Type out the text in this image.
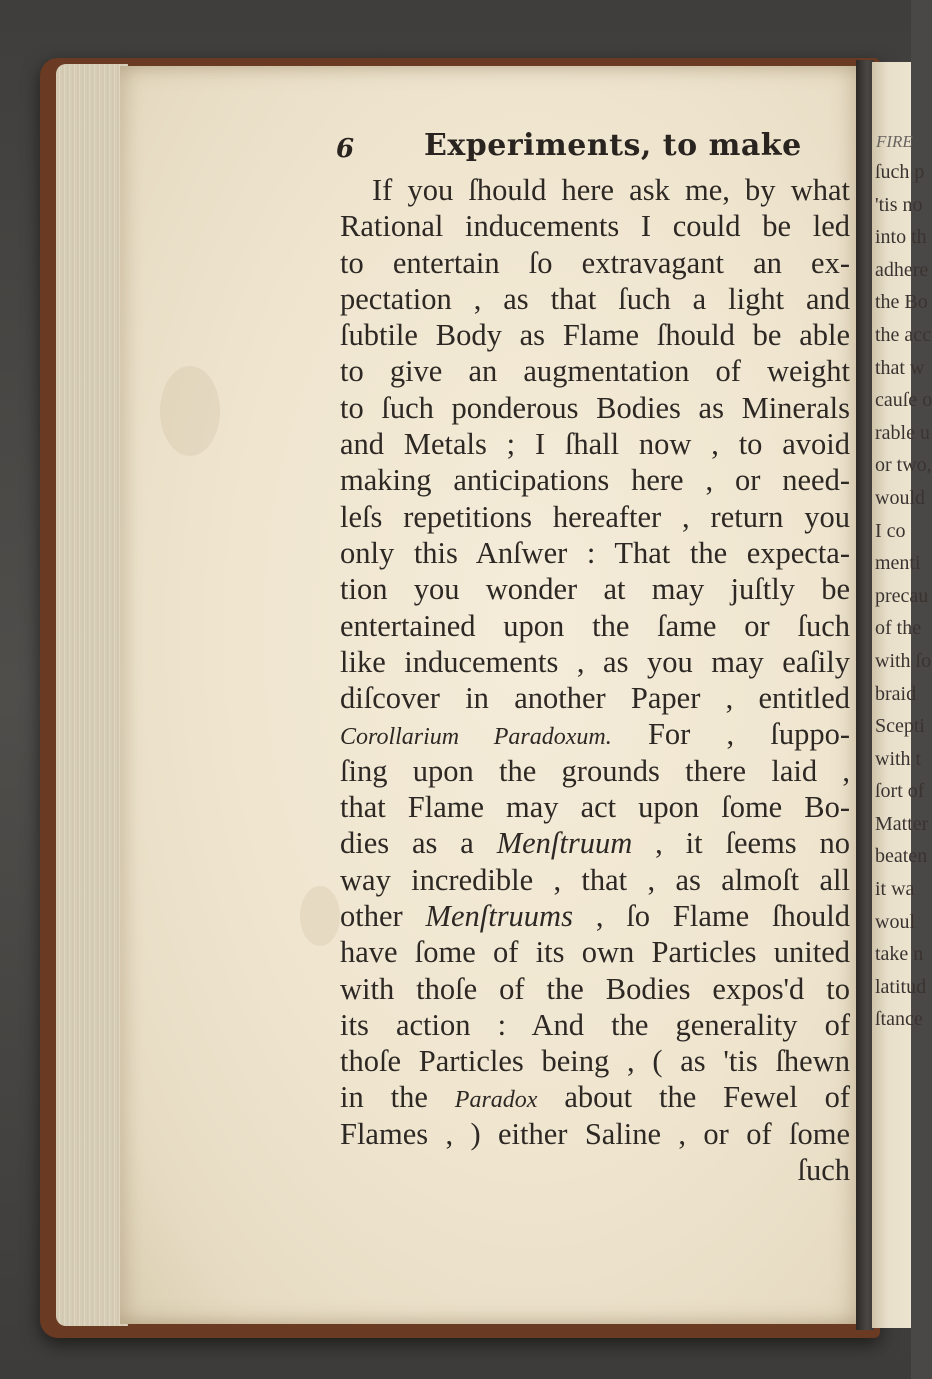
FIRE

ſuch p
'tis no
into th
adhere
the Bo
the acc
that w
cauſe o
rable u
or two,
would
I co
menti
precau
of the
with ſo
braid
Scepti
with t
ſort of
Matter
beaten
it wa
woul
take n
latitud
ſtance
6 Experiments, to make
If you ſhould here ask me, by what
Rational inducements I could be led
to entertain ſo extravagant an ex-
pectation , as that ſuch a light and
ſubtile Body as Flame ſhould be able
to give an augmentation of weight
to ſuch ponderous Bodies as Minerals
and Metals ; I ſhall now , to avoid
making anticipations here , or need-
leſs repetitions hereafter , return you
only this Anſwer : That the expecta-
tion you wonder at may juſtly be
entertained upon the ſame or ſuch
like inducements , as you may eaſily
diſcover in another Paper , entitled
Corollarium Paradoxum. For , ſuppo-
ſing upon the grounds there laid ,
that Flame may act upon ſome Bo-
dies as a Menſtruum , it ſeems no
way incredible , that , as almoſt all
other Menſtruums , ſo Flame ſhould
have ſome of its own Particles united
with thoſe of the Bodies expos'd to
its action : And the generality of
thoſe Particles being , ( as 'tis ſhewn
in the Paradox about the Fewel of
Flames , ) either Saline , or of ſome
ſuch
